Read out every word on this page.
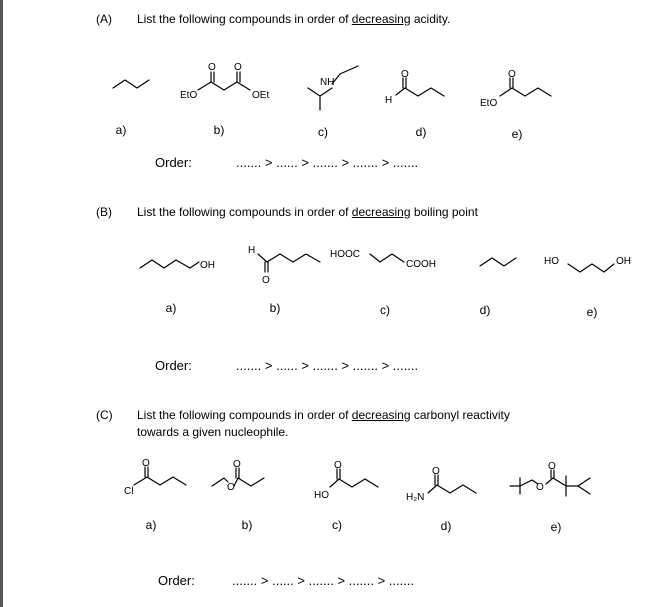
(A) List the following compounds in order of decreasing acidity.
EtO	OEt
O O
NH
H
O
EtO
O
OH
H
O
HOOC
COOH	HO	OH
Cl
O
O
O
HO
O
H₂N
O
O
O
a)	b)	c)	d)	e)
Order:	....... > ...... > ....... > ....... > .......
(B) List the following compounds in order of decreasing boiling point
a)	b)	c)	d)	e)
Order:	....... > ...... > ....... > ....... > .......
(C) List the following compounds in order of decreasing carbonyl reactivity
towards a given nucleophile.
a)	b)	c)	d)	e)
Order:	....... > ...... > ....... > ....... > .......
